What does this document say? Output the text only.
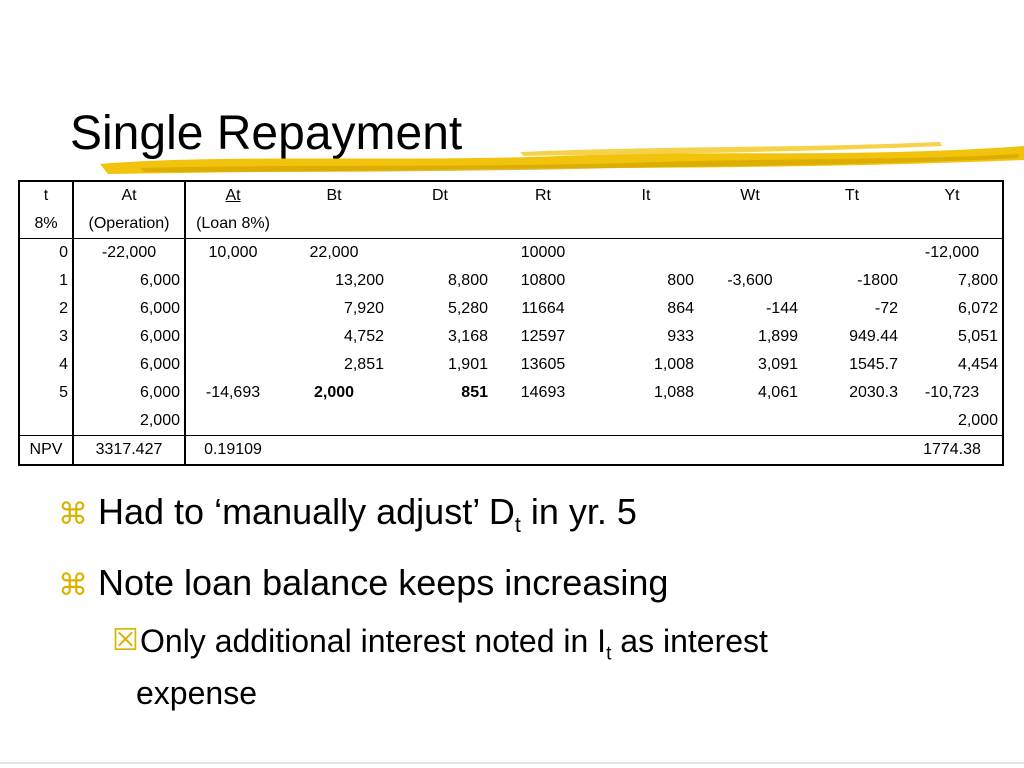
Single Repayment
t	At	At	Bt	Dt	Rt	It	Wt	Tt	Yt
8%	(Operation)	(Loan 8%)							
0	-22,000	10,000	22,000		10000				-12,000
1	6,000		13,200	8,800	10800	800	-3,600	-1800	7,800
2	6,000		7,920	5,280	11664	864	-144	-72	6,072
3	6,000		4,752	3,168	12597	933	1,899	949.44	5,051
4	6,000		2,851	1,901	13605	1,008	3,091	1545.7	4,454
5	6,000	-14,693	2,000	851	14693	1,088	4,061	2030.3	-10,723
	2,000								2,000
NPV	3317.427	0.19109							1774.38
⌘ Had to ‘manually adjust’ $D_t$ in yr. 5
⌘ Note loan balance keeps increasing
☒Only additional interest noted in $I_t$ as interest
expense
